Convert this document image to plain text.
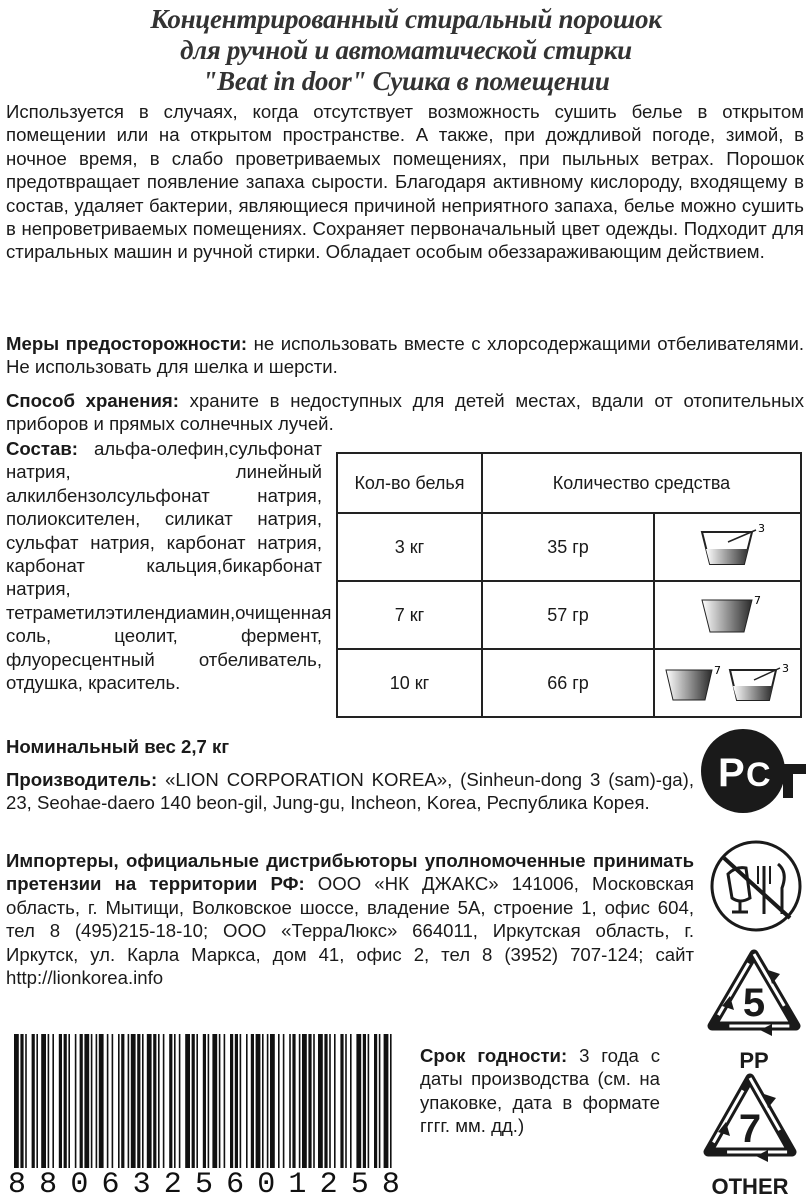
Концентрированный стиральный порошок
для ручной и автоматической стирки
"Beat in door" Сушка в помещении

Используется в случаях, когда отсутствует возможность сушить белье в открытом помещении или на открытом пространстве. А также, при дождливой погоде, зимой, в ночное время, в слабо проветриваемых помещениях, при пыльных ветрах. Порошок предотвращает появление запаха сырости. Благодаря активному кислороду, входящему в состав, удаляет бактерии, являющиеся причиной неприятного запаха, белье можно сушить в непроветриваемых помещениях. Сохраняет первоначальный цвет одежды. Подходит для стиральных машин и ручной стирки. Обладает особым обеззараживающим действием.

Меры предосторожности: не использовать вместе с хлорсодержащими отбеливателями. Не использовать для шелка и шерсти.

Способ хранения: храните в недоступных для детей местах, вдали от отопительных приборов и прямых солнечных лучей.

Состав: альфа-олефин,сульфонат натрия, линейный алкилбензолсульфонат натрия, полиоксителен, силикат натрия, сульфат натрия, карбонат натрия, карбонат кальция,бикарбонат натрия, тетраметилэтилендиамин,очищенная соль, цеолит, фермент, флуоресцентный отбеливатель, отдушка, краситель.

Номинальный вес 2,7 кг

Кол-во белья	Количество средства	
3 кг	35 гр	3

7 кг	57 гр	7

10 кг	66 гр	7 3

Производитель: «LION CORPORATION KOREA», (Sinheun-dong 3 (sam)-ga), 23, Seohae-daero 140 beon-gil, Jung-gu, Incheon, Korea, Республика Корея.

Импортеры, официальные дистрибьюторы уполномоченные принимать претензии на территории РФ: ООО «НК ДЖАКС» 141006, Московская область, г. Мытищи, Волковское шоссе, владение 5А, строение 1, офис 604, тел 8 (495)215-18-10; ООО «ТерраЛюкс» 664011, Иркутская область, г. Иркутск, ул. Карла Маркса, дом 41, офис 2, тел 8 (3952) 707-124; сайт http://lionkorea.info

Срок годности: 3 года с даты производства (см. на упаковке, дата в формате гггг. мм. дд.)

8 8 0 6 3 2 5 6 0 1 2 5 8
Р С
5
PP
7
OTHER
